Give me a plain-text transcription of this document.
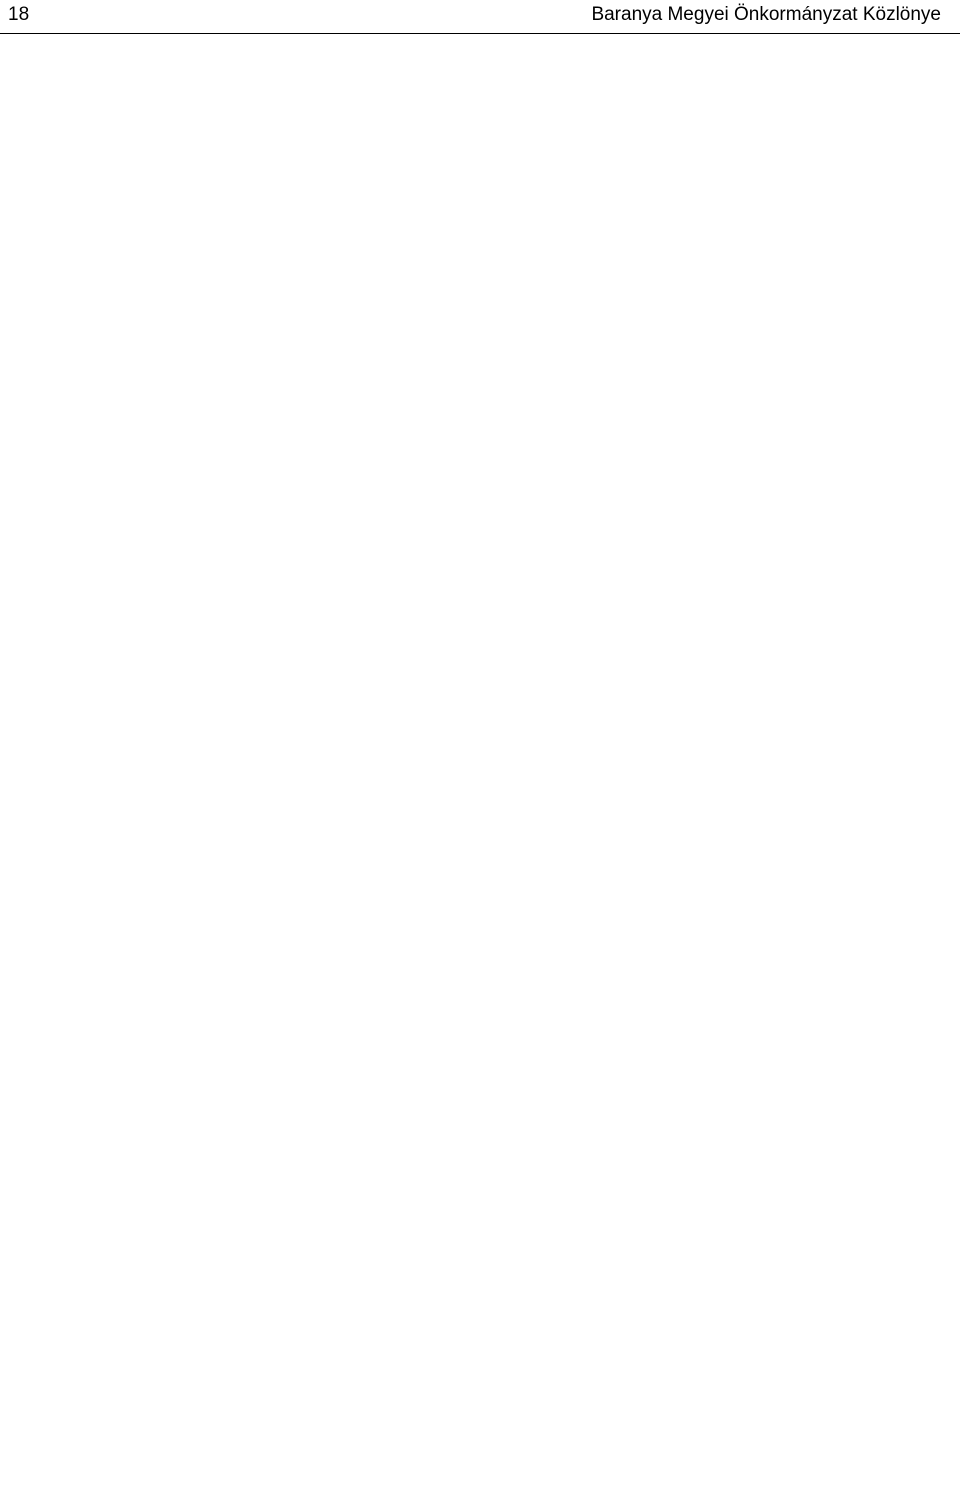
18	Baranya Megyei Önkormányzat Közlönye
